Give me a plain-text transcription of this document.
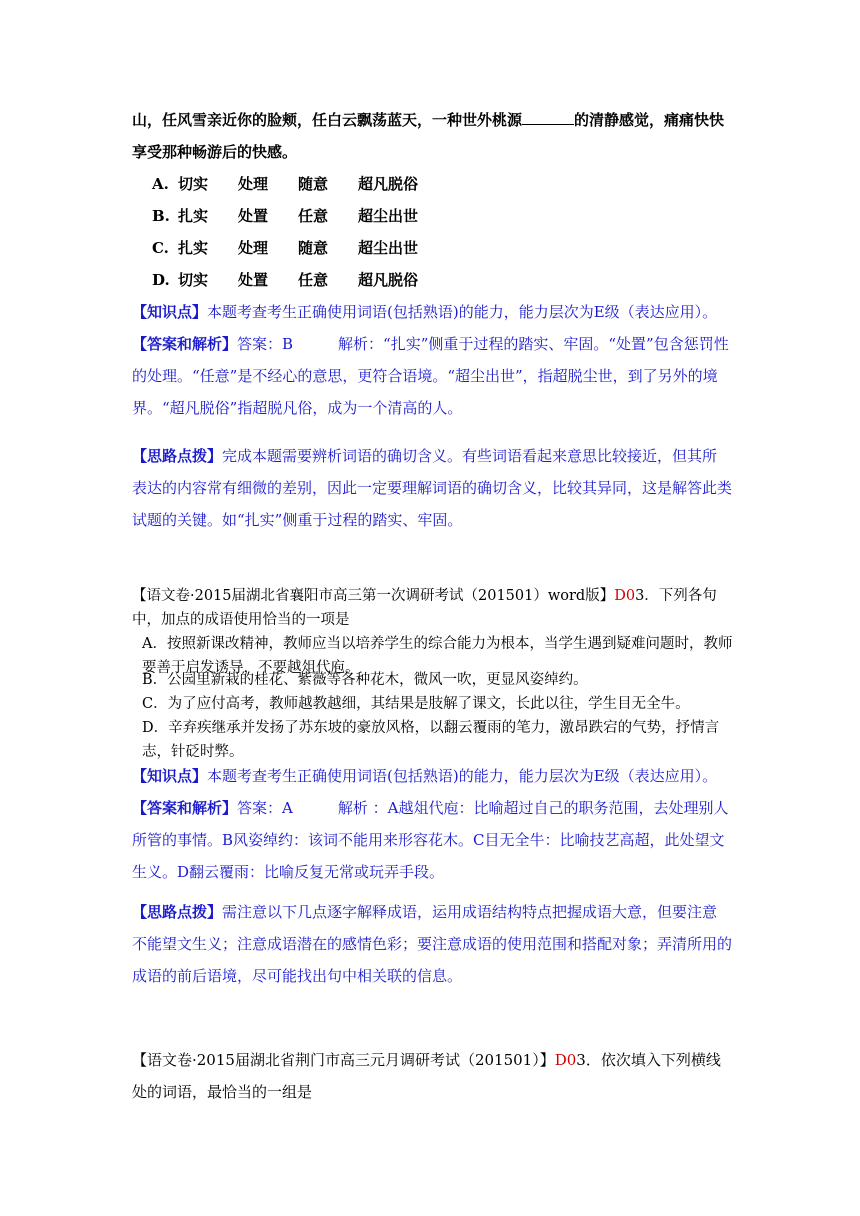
山，任风雪亲近你的脸颊，任白云飘荡蓝天，一种世外桃源	的清静感觉，痛痛快快享受那种畅游后的快感。

A. 切实 处理 随意 超凡脱俗
B. 扎实 处置 任意 超尘出世
C. 扎实 处理 随意 超尘出世
D. 切实 处置 任意 超凡脱俗

【知识点】本题考查考生正确使用词语(包括熟语)的能力，能力层次为E级（表达应用）。

【答案和解析】答案：B　　　解析：“扎实”侧重于过程的踏实、牢固。“处置”包含惩罚性的处理。“任意”是不经心的意思，更符合语境。“超尘出世”，指超脱尘世，到了另外的境界。“超凡脱俗”指超脱凡俗，成为一个清高的人。

【思路点拨】完成本题需要辨析词语的确切含义。有些词语看起来意思比较接近，但其所表达的内容常有细微的差别，因此一定要理解词语的确切含义，比较其异同，这是解答此类试题的关键。如“扎实”侧重于过程的踏实、牢固。

【语文卷·2015届湖北省襄阳市高三第一次调研考试（201501）word版】D03．下列各句中，加点的成语使用恰当的一项是

A．按照新课改精神，教师应当以培养学生的综合能力为根本，当学生遇到疑难问题时，教师要善于启发诱导，不要越俎代庖。

B．公园里新栽的桂花、紫薇等各种花木，微风一吹，更显风姿绰约。

C．为了应付高考，教师越教越细，其结果是肢解了课文，长此以往，学生目无全牛。

D．辛弃疾继承并发扬了苏东坡的豪放风格，以翻云覆雨的笔力，激昂跌宕的气势，抒情言志，针砭时弊。

【知识点】本题考查考生正确使用词语(包括熟语)的能力，能力层次为E级（表达应用）。

【答案和解析】答案：A　　　解析 ：A越俎代庖：比喻超过自己的职务范围，去处理别人所管的事情。B风姿绰约：该词不能用来形容花木。C目无全牛：比喻技艺高超，此处望文生义。D翻云覆雨：比喻反复无常或玩弄手段。

【思路点拨】需注意以下几点逐字解释成语，运用成语结构特点把握成语大意，但要注意不能望文生义；注意成语潜在的感情色彩；要注意成语的使用范围和搭配对象；弄清所用的成语的前后语境，尽可能找出句中相关联的信息。

【语文卷·2015届湖北省荆门市高三元月调研考试（201501）】D03．依次填入下列横线处的词语，最恰当的一组是
